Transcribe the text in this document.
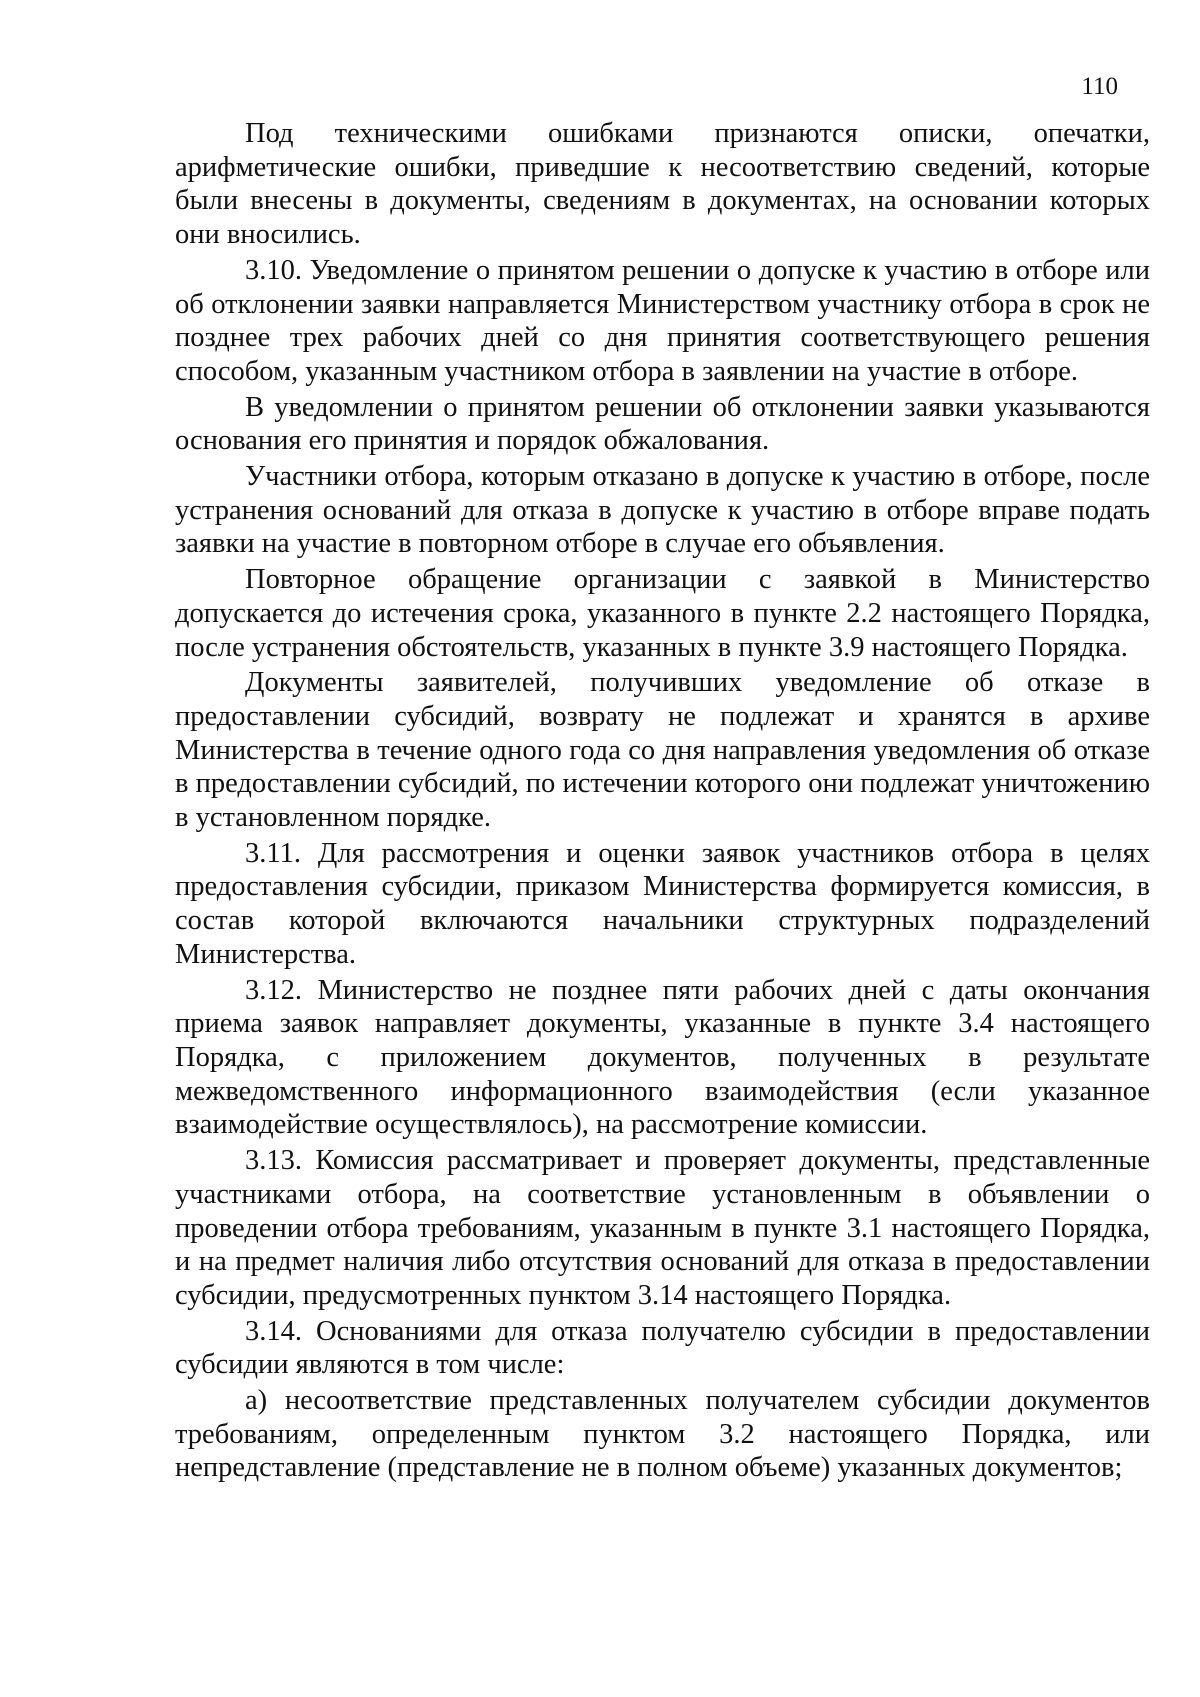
110

Под техническими ошибками признаются описки, опечатки, арифметические ошибки, приведшие к несоответствию сведений, которые были внесены в документы, сведениям в документах, на основании которых они вносились.

3.10. Уведомление о принятом решении о допуске к участию в отборе или об отклонении заявки направляется Министерством участнику отбора в срок не позднее трех рабочих дней со дня принятия соответствующего решения способом, указанным участником отбора в заявлении на участие в отборе.

В уведомлении о принятом решении об отклонении заявки указываются основания его принятия и порядок обжалования.

Участники отбора, которым отказано в допуске к участию в отборе, после устранения оснований для отказа в допуске к участию в отборе вправе подать заявки на участие в повторном отборе в случае его объявления.

Повторное обращение организации с заявкой в Министерство допускается до истечения срока, указанного в пункте 2.2 настоящего Порядка, после устранения обстоятельств, указанных в пункте 3.9 настоящего Порядка.

Документы заявителей, получивших уведомление об отказе в предоставлении субсидий, возврату не подлежат и хранятся в архиве Министерства в течение одного года со дня направления уведомления об отказе в предоставлении субсидий, по истечении которого они подлежат уничтожению в установленном порядке.

3.11. Для рассмотрения и оценки заявок участников отбора в целях предоставления субсидии, приказом Министерства формируется комиссия, в состав которой включаются начальники структурных подразделений Министерства.

3.12. Министерство не позднее пяти рабочих дней с даты окончания приема заявок направляет документы, указанные в пункте 3.4 настоящего Порядка, с приложением документов, полученных в результате межведомственного информационного взаимодействия (если указанное взаимодействие осуществлялось), на рассмотрение комиссии.

3.13. Комиссия рассматривает и проверяет документы, представленные участниками отбора, на соответствие установленным в объявлении о проведении отбора требованиям, указанным в пункте 3.1 настоящего Порядка, и на предмет наличия либо отсутствия оснований для отказа в предоставлении субсидии, предусмотренных пунктом 3.14 настоящего Порядка.

3.14. Основаниями для отказа получателю субсидии в предоставлении субсидии являются в том числе:

а) несоответствие представленных получателем субсидии документов требованиям, определенным пунктом 3.2 настоящего Порядка, или непредставление (представление не в полном объеме) указанных документов;
